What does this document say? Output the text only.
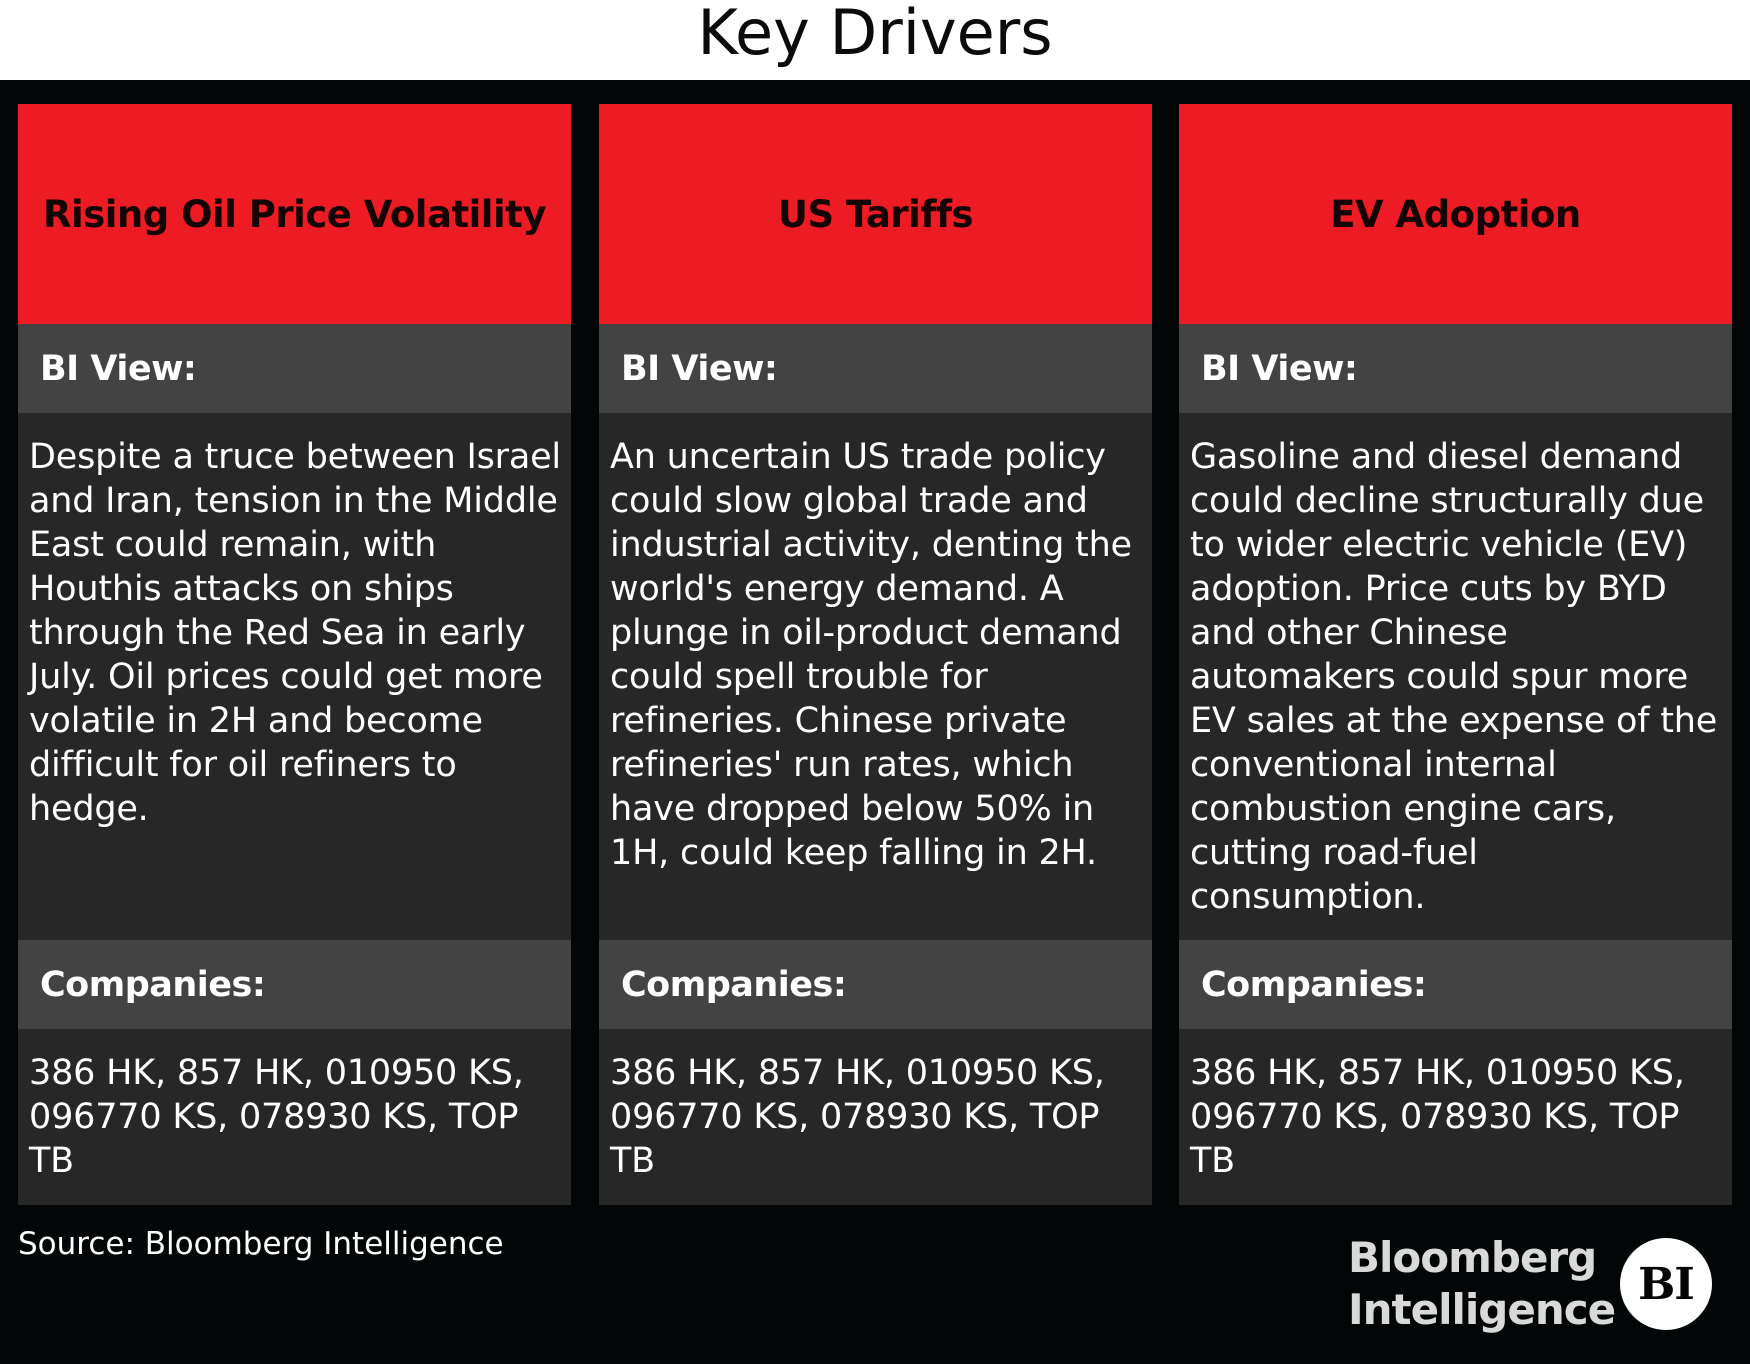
Key Drivers
Rising Oil Price Volatility
BI View:

Despite a truce between Israel and Iran, tension in the Middle East could remain, with Houthis attacks on ships through the Red Sea in early July. Oil prices could get more volatile in 2H and become difficult for oil refiners to hedge.

Companies:

386 HK, 857 HK, 010950 KS, 096770 KS, 078930 KS, TOP TB

US Tariffs
BI View:

An uncertain US trade policy could slow global trade and industrial activity, denting the world's energy demand. A plunge in oil-product demand could spell trouble for refineries. Chinese private refineries' run rates, which have dropped below 50% in 1H, could keep falling in 2H.

Companies:

386 HK, 857 HK, 010950 KS, 096770 KS, 078930 KS, TOP TB

EV Adoption
BI View:

Gasoline and diesel demand could decline structurally due to wider electric vehicle (EV) adoption. Price cuts by BYD and other Chinese automakers could spur more EV sales at the expense of the conventional internal combustion engine cars, cutting road-fuel consumption.

Companies:

386 HK, 857 HK, 010950 KS, 096770 KS, 078930 KS, TOP TB

Source: Bloomberg Intelligence	Bloomberg
Intelligence BI
